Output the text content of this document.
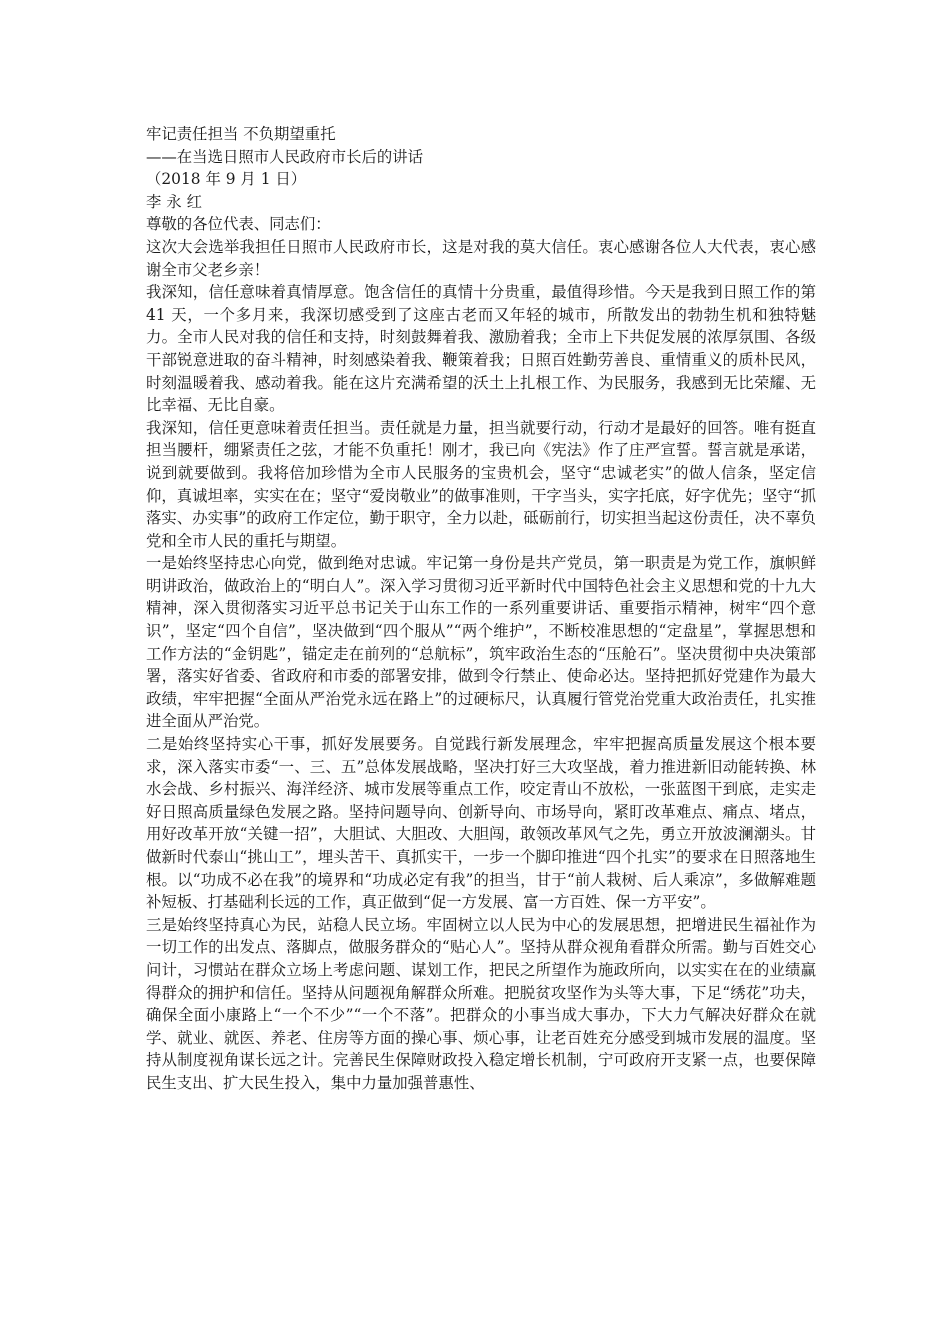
牢记责任担当 不负期望重托

——在当选日照市人民政府市长后的讲话

（2018 年 9 月 1 日）

李 永 红

尊敬的各位代表、同志们：

这次大会选举我担任日照市人民政府市长，这是对我的莫大信任。衷心感谢各位人大代表，衷心感谢全市父老乡亲！

我深知，信任意味着真情厚意。饱含信任的真情十分贵重，最值得珍惜。今天是我到日照工作的第 41 天，一个多月来，我深切感受到了这座古老而又年轻的城市，所散发出的勃勃生机和独特魅力。全市人民对我的信任和支持，时刻鼓舞着我、激励着我；全市上下共促发展的浓厚氛围、各级干部锐意进取的奋斗精神，时刻感染着我、鞭策着我；日照百姓勤劳善良、重情重义的质朴民风，时刻温暖着我、感动着我。能在这片充满希望的沃土上扎根工作、为民服务，我感到无比荣耀、无比幸福、无比自豪。

我深知，信任更意味着责任担当。责任就是力量，担当就要行动，行动才是最好的回答。唯有挺直担当腰杆，绷紧责任之弦，才能不负重托！刚才，我已向《宪法》作了庄严宣誓。誓言就是承诺，说到就要做到。我将倍加珍惜为全市人民服务的宝贵机会，坚守“忠诚老实”的做人信条，坚定信仰，真诚坦率，实实在在；坚守“爱岗敬业”的做事准则，干字当头，实字托底，好字优先；坚守“抓落实、办实事”的政府工作定位，勤于职守，全力以赴，砥砺前行，切实担当起这份责任，决不辜负党和全市人民的重托与期望。

一是始终坚持忠心向党，做到绝对忠诚。牢记第一身份是共产党员，第一职责是为党工作，旗帜鲜明讲政治，做政治上的“明白人”。深入学习贯彻习近平新时代中国特色社会主义思想和党的十九大精神，深入贯彻落实习近平总书记关于山东工作的一系列重要讲话、重要指示精神，树牢“四个意识”，坚定“四个自信”，坚决做到“四个服从”“两个维护”，不断校准思想的“定盘星”，掌握思想和工作方法的“金钥匙”，锚定走在前列的“总航标”，筑牢政治生态的“压舱石”。坚决贯彻中央决策部署，落实好省委、省政府和市委的部署安排，做到令行禁止、使命必达。坚持把抓好党建作为最大政绩，牢牢把握“全面从严治党永远在路上”的过硬标尺，认真履行管党治党重大政治责任，扎实推进全面从严治党。

二是始终坚持实心干事，抓好发展要务。自觉践行新发展理念，牢牢把握高质量发展这个根本要求，深入落实市委“一、三、五”总体发展战略，坚决打好三大攻坚战，着力推进新旧动能转换、林水会战、乡村振兴、海洋经济、城市发展等重点工作，咬定青山不放松，一张蓝图干到底，走实走好日照高质量绿色发展之路。坚持问题导向、创新导向、市场导向，紧盯改革难点、痛点、堵点，用好改革开放“关键一招”，大胆试、大胆改、大胆闯，敢领改革风气之先，勇立开放波澜潮头。甘做新时代泰山“挑山工”，埋头苦干、真抓实干，一步一个脚印推进“四个扎实”的要求在日照落地生根。以“功成不必在我”的境界和“功成必定有我”的担当，甘于“前人栽树、后人乘凉”，多做解难题补短板、打基础利长远的工作，真正做到“促一方发展、富一方百姓、保一方平安”。

三是始终坚持真心为民，站稳人民立场。牢固树立以人民为中心的发展思想，把增进民生福祉作为一切工作的出发点、落脚点，做服务群众的“贴心人”。坚持从群众视角看群众所需。勤与百姓交心问计，习惯站在群众立场上考虑问题、谋划工作，把民之所望作为施政所向，以实实在在的业绩赢得群众的拥护和信任。坚持从问题视角解群众所难。把脱贫攻坚作为头等大事，下足“绣花”功夫，确保全面小康路上“一个不少”“一个不落”。把群众的小事当成大事办，下大力气解决好群众在就学、就业、就医、养老、住房等方面的操心事、烦心事，让老百姓充分感受到城市发展的温度。坚持从制度视角谋长远之计。完善民生保障财政投入稳定增长机制，宁可政府开支紧一点，也要保障民生支出、扩大民生投入，集中力量加强普惠性、
